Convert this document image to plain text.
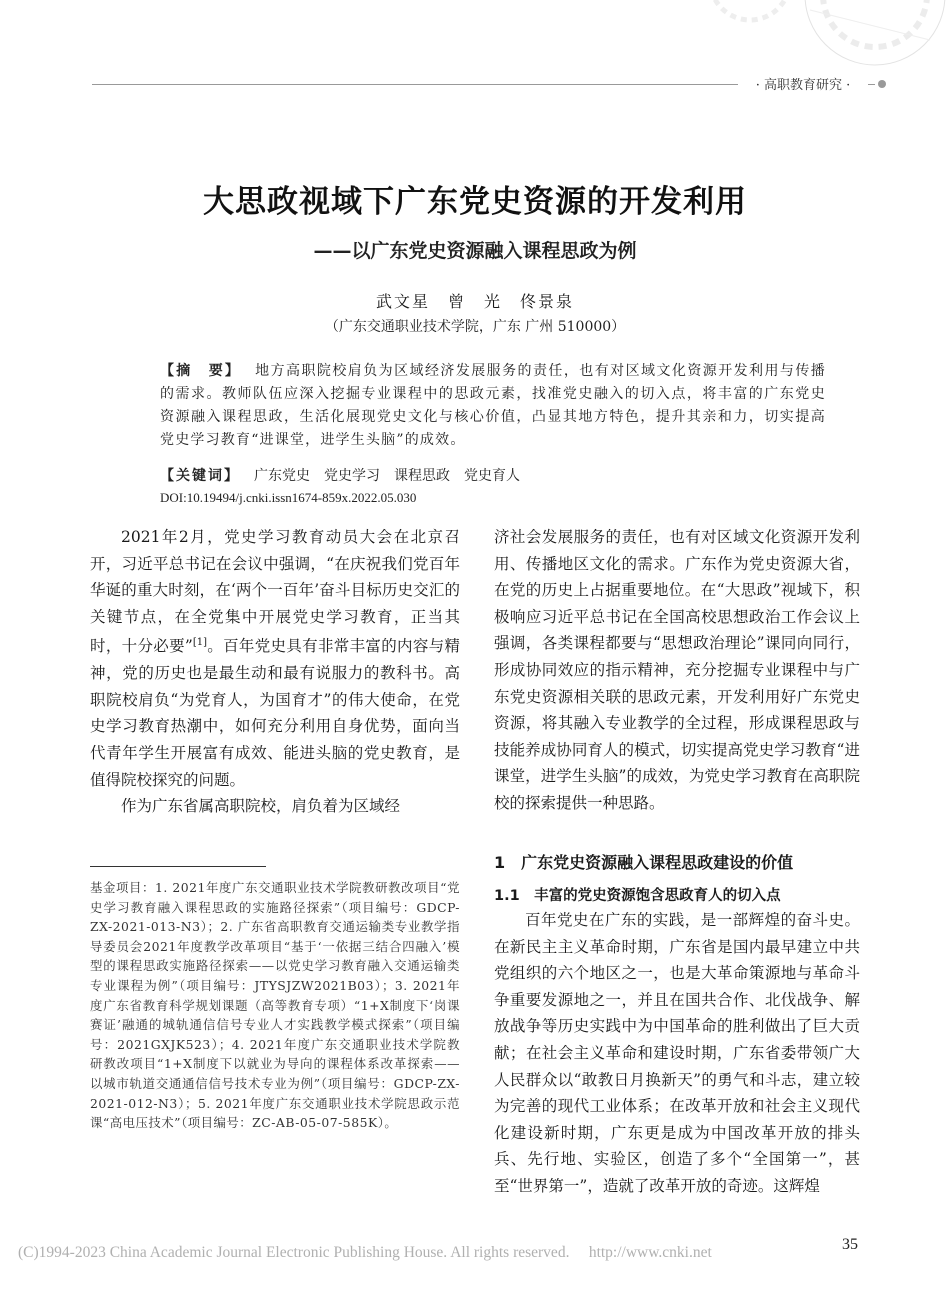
· 高职教育研究 ·
大思政视域下广东党史资源的开发利用
——以广东党史资源融入课程思政为例
武文星　曾　光　佟景泉
（广东交通职业技术学院，广东 广州 510000）
【摘　要】 地方高职院校肩负为区域经济发展服务的责任，也有对区域文化资源开发利用与传播的需求。教师队伍应深入挖掘专业课程中的思政元素，找准党史融入的切入点，将丰富的广东党史资源融入课程思政，生活化展现党史文化与核心价值，凸显其地方特色，提升其亲和力，切实提高党史学习教育“进课堂，进学生头脑”的成效。
【关键词】 广东党史 党史学习 课程思政 党史育人
DOI:10.19494/j.cnki.issn1674-859x.2022.05.030

2021年2月，党史学习教育动员大会在北京召开，习近平总书记在会议中强调，“在庆祝我们党百年华诞的重大时刻，在‘两个一百年’奋斗目标历史交汇的关键节点，在全党集中开展党史学习教育，正当其时，十分必要”[1]。百年党史具有非常丰富的内容与精神，党的历史也是最生动和最有说服力的教科书。高职院校肩负“为党育人，为国育才”的伟大使命，在党史学习教育热潮中，如何充分利用自身优势，面向当代青年学生开展富有成效、能进头脑的党史教育，是值得院校探究的问题。

作为广东省属高职院校，肩负着为区域经

基金项目：1. 2021年度广东交通职业技术学院教研教改项目“党史学习教育融入课程思政的实施路径探索”（项目编号：GDCP-ZX-2021-013-N3）；2. 广东省高职教育交通运输类专业教学指导委员会2021年度教学改革项目“基于‘一依据三结合四融入’模型的课程思政实施路径探索——以党史学习教育融入交通运输类专业课程为例”（项目编号：JTYSJZW2021B03）；3. 2021年度广东省教育科学规划课题（高等教育专项）“1+X制度下‘岗课赛证’融通的城轨通信信号专业人才实践教学模式探索”（项目编号：2021GXJK523）；4. 2021年度广东交通职业技术学院教研教改项目“1+X制度下以就业为导向的课程体系改革探索——以城市轨道交通通信信号技术专业为例”（项目编号：GDCP-ZX-2021-012-N3）；5. 2021年度广东交通职业技术学院思政示范课“高电压技术”（项目编号：ZC-AB-05-07-585K）。

济社会发展服务的责任，也有对区域文化资源开发利用、传播地区文化的需求。广东作为党史资源大省，在党的历史上占据重要地位。在“大思政”视域下，积极响应习近平总书记在全国高校思想政治工作会议上强调，各类课程都要与“思想政治理论”课同向同行，形成协同效应的指示精神，充分挖掘专业课程中与广东党史资源相关联的思政元素，开发利用好广东党史资源，将其融入专业教学的全过程，形成课程思政与技能养成协同育人的模式，切实提高党史学习教育“进课堂，进学生头脑”的成效，为党史学习教育在高职院校的探索提供一种思路。

1　广东党史资源融入课程思政建设的价值
1.1　丰富的党史资源饱含思政育人的切入点

百年党史在广东的实践，是一部辉煌的奋斗史。在新民主主义革命时期，广东省是国内最早建立中共党组织的六个地区之一，也是大革命策源地与革命斗争重要发源地之一，并且在国共合作、北伐战争、解放战争等历史实践中为中国革命的胜利做出了巨大贡献；在社会主义革命和建设时期，广东省委带领广大人民群众以“敢教日月换新天”的勇气和斗志，建立较为完善的现代工业体系；在改革开放和社会主义现代化建设新时期，广东更是成为中国改革开放的排头兵、先行地、实验区，创造了多个“全国第一”，甚至“世界第一”，造就了改革开放的奇迹。这辉煌

(C)1994-2023 China Academic Journal Electronic Publishing House. All rights reserved.　 http://www.cnki.net	35
